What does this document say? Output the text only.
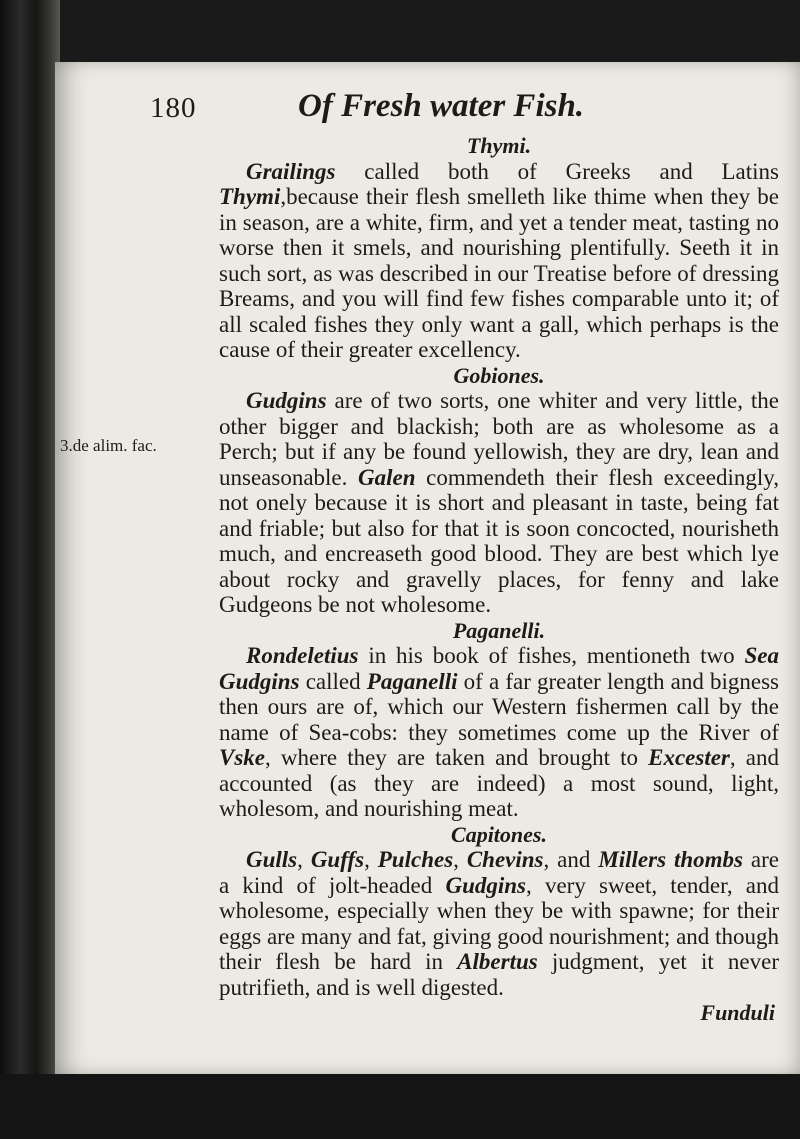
180	Of Fresh water Fish.
3.de alim. fac.
Thymi.

Grailings called both of Greeks and Latins Thymi,because their flesh smelleth like thime when they be in season, are a white, firm, and yet a tender meat, tasting no worse then it smels, and nourishing plentifully. Seeth it in such sort, as was described in our Treatise before of dressing Breams, and you will find few fishes comparable unto it; of all scaled fishes they only want a gall, which perhaps is the cause of their greater excellency.

Gobiones.

Gudgins are of two sorts, one whiter and very little, the other bigger and blackish; both are as wholesome as a Perch; but if any be found yellowish, they are dry, lean and unseasonable. Galen commendeth their flesh exceedingly, not onely because it is short and pleasant in taste, being fat and friable; but also for that it is soon concocted, nourisheth much, and encreaseth good blood. They are best which lye about rocky and gravelly places, for fenny and lake Gudgeons be not wholesome.

Paganelli.

Rondeletius in his book of fishes, mentioneth two Sea Gudgins called Paganelli of a far greater length and bigness then ours are of, which our Western fishermen call by the name of Sea-cobs: they sometimes come up the River of Vske, where they are taken and brought to Excester, and accounted (as they are indeed) a most sound, light, wholesom, and nourishing meat.

Capitones.

Gulls, Guffs, Pulches, Chevins, and Millers thombs are a kind of jolt-headed Gudgins, very sweet, tender, and wholesome, especially when they be with spawne; for their eggs are many and fat, giving good nourishment; and though their flesh be hard in Albertus judgment, yet it never putrifieth, and is well digested.

Funduli
